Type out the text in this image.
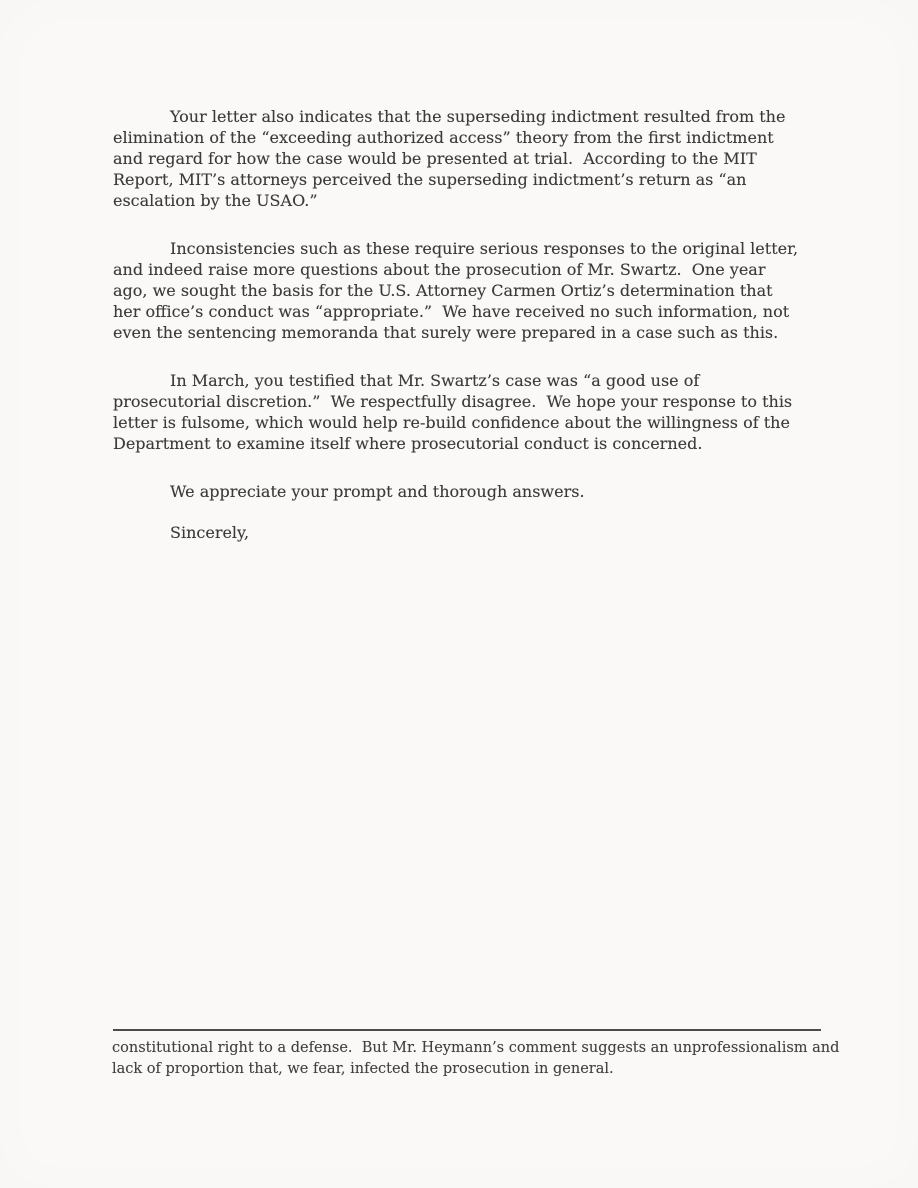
Your letter also indicates that the superseding indictment resulted from the
elimination of the “exceeding authorized access” theory from the first indictment
and regard for how the case would be presented at trial.  According to the MIT
Report, MIT’s attorneys perceived the superseding indictment’s return as “an
escalation by the USAO.”

Inconsistencies such as these require serious responses to the original letter,
and indeed raise more questions about the prosecution of Mr. Swartz.  One year
ago, we sought the basis for the U.S. Attorney Carmen Ortiz’s determination that
her office’s conduct was “appropriate.”  We have received no such information, not
even the sentencing memoranda that surely were prepared in a case such as this.

In March, you testified that Mr. Swartz’s case was “a good use of
prosecutorial discretion.”  We respectfully disagree.  We hope your response to this
letter is fulsome, which would help re-build confidence about the willingness of the
Department to examine itself where prosecutorial conduct is concerned.

We appreciate your prompt and thorough answers.

Sincerely,

constitutional right to a defense.  But Mr. Heymann’s comment suggests an unprofessionalism and
lack of proportion that, we fear, infected the prosecution in general.
